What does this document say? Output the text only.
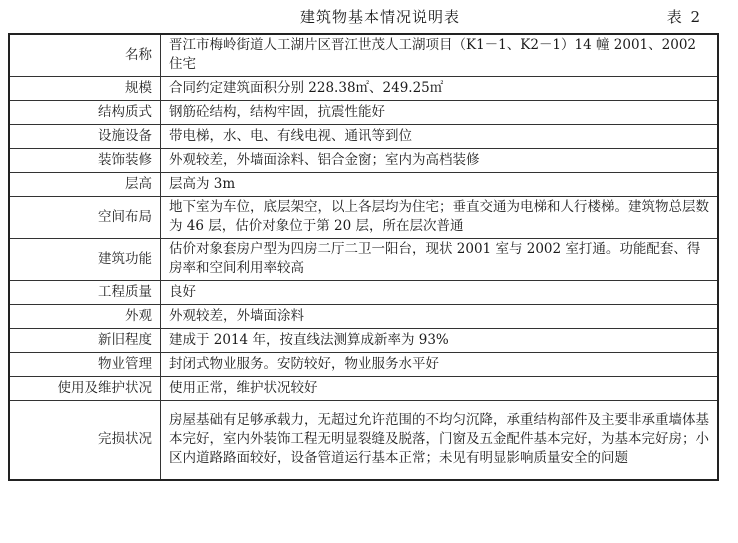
建筑物基本情况说明表	表 2
名称	晋江市梅岭街道人工湖片区晋江世茂人工湖项目（K1－1、K2－1）14 幢 2001、2002 住宅
规模	合同约定建筑面积分别 228.38㎡、249.25㎡
结构质式	钢筋砼结构，结构牢固，抗震性能好
设施设备	带电梯，水、电、有线电视、通讯等到位
装饰装修	外观较差，外墙面涂料、铝合金窗；室内为高档装修
层高	层高为 3m
空间布局	地下室为车位，底层架空，以上各层均为住宅；垂直交通为电梯和人行楼梯。建筑物总层数为 46 层，估价对象位于第 20 层，所在层次普通
建筑功能	估价对象套房户型为四房二厅二卫一阳台，现状 2001 室与 2002 室打通。功能配套、得房率和空间利用率较高
工程质量	良好
外观	外观较差，外墙面涂料
新旧程度	建成于 2014 年，按直线法测算成新率为 93%
物业管理	封闭式物业服务。安防较好，物业服务水平好
使用及维护状况	使用正常，维护状况较好
完损状况	房屋基础有足够承载力，无超过允许范围的不均匀沉降，承重结构部件及主要非承重墙体基本完好，室内外装饰工程无明显裂缝及脱落，门窗及五金配件基本完好，为基本完好房；小区内道路路面较好，设备管道运行基本正常；未见有明显影响质量安全的问题
